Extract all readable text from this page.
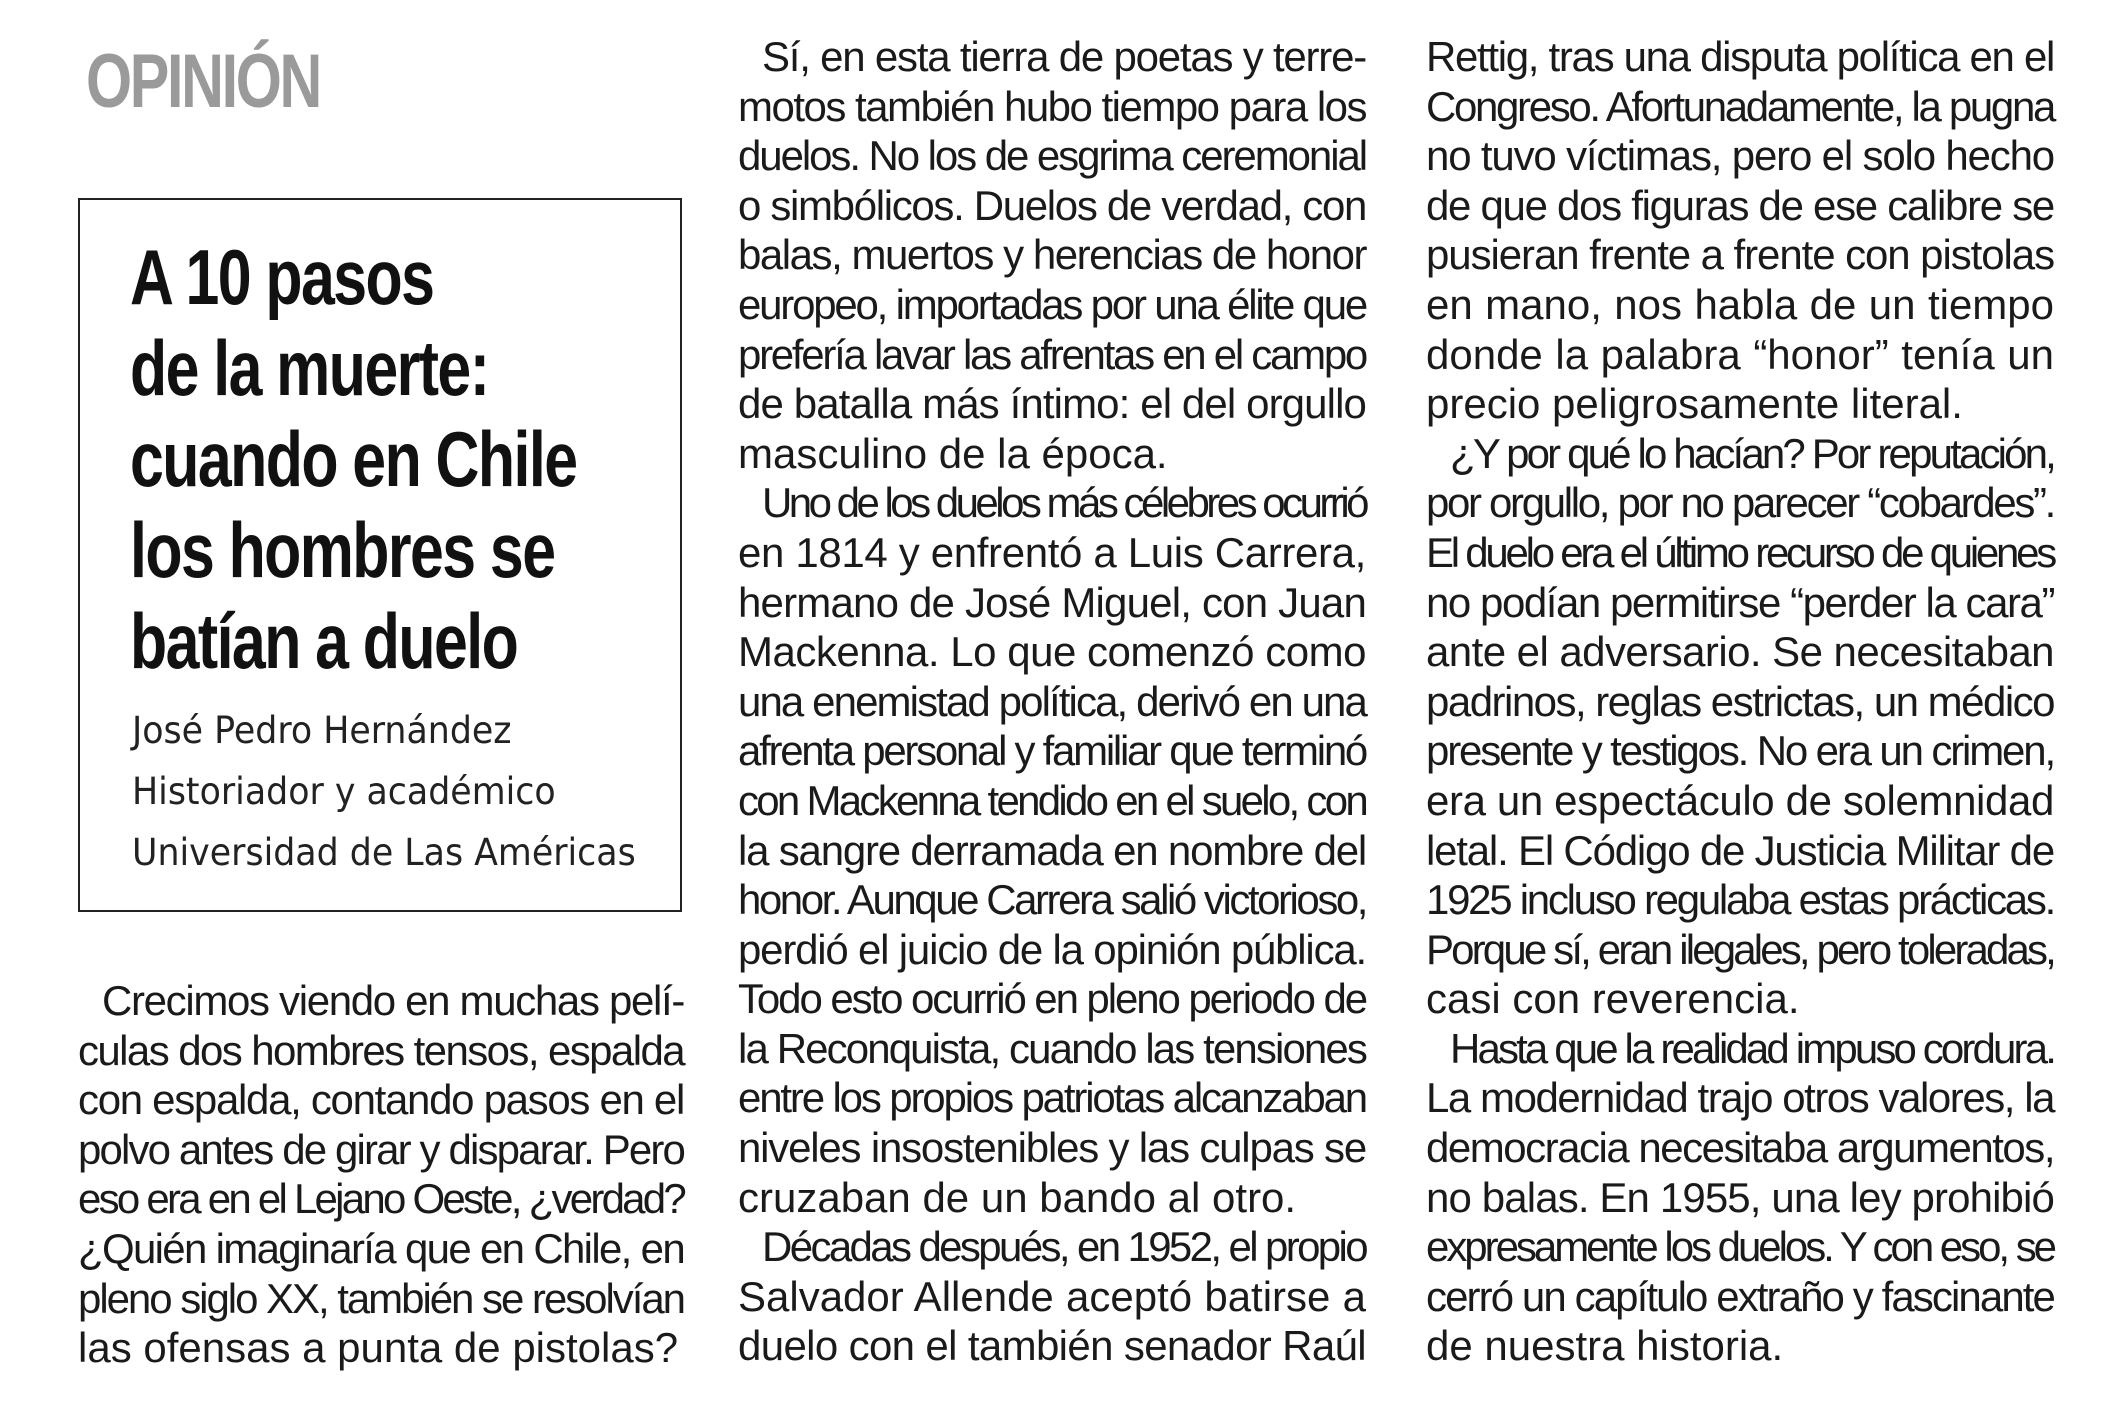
OPINIÓN
A 10 pasos
de la muerte:
cuando en Chile
los hombres se
batían a duelo
José Pedro Hernández
Historiador y académico
Universidad de Las Américas

Crecimos viendo en muchas pelí-
culas dos hombres tensos, espalda
con espalda, contando pasos en el
polvo antes de girar y disparar. Pero
eso era en el Lejano Oeste, ¿verdad?
¿Quién imaginaría que en Chile, en
pleno siglo XX, también se resolvían
las ofensas a punta de pistolas?

Sí, en esta tierra de poetas y terre-
motos también hubo tiempo para los
duelos. No los de esgrima ceremonial
o simbólicos. Duelos de verdad, con
balas, muertos y herencias de honor
europeo, importadas por una élite que
prefería lavar las afrentas en el campo
de batalla más íntimo: el del orgullo
masculino de la época.

Uno de los duelos más célebres ocurrió
en 1814 y enfrentó a Luis Carrera,
hermano de José Miguel, con Juan
Mackenna. Lo que comenzó como
una enemistad política, derivó en una
afrenta personal y familiar que terminó
con Mackenna tendido en el suelo, con
la sangre derramada en nombre del
honor. Aunque Carrera salió victorioso,
perdió el juicio de la opinión pública.
Todo esto ocurrió en pleno periodo de
la Reconquista, cuando las tensiones
entre los propios patriotas alcanzaban
niveles insostenibles y las culpas se
cruzaban de un bando al otro.

Décadas después, en 1952, el propio
Salvador Allende aceptó batirse a
duelo con el también senador Raúl

Rettig, tras una disputa política en el
Congreso. Afortunadamente, la pugna
no tuvo víctimas, pero el solo hecho
de que dos figuras de ese calibre se
pusieran frente a frente con pistolas
en mano, nos habla de un tiempo
donde la palabra “honor” tenía un
precio peligrosamente literal.

¿Y por qué lo hacían? Por reputación,
por orgullo, por no parecer “cobardes”.
El duelo era el último recurso de quienes
no podían permitirse “perder la cara”
ante el adversario. Se necesitaban
padrinos, reglas estrictas, un médico
presente y testigos. No era un crimen,
era un espectáculo de solemnidad
letal. El Código de Justicia Militar de
1925 incluso regulaba estas prácticas.
Porque sí, eran ilegales, pero toleradas,
casi con reverencia.

Hasta que la realidad impuso cordura.
La modernidad trajo otros valores, la
democracia necesitaba argumentos,
no balas. En 1955, una ley prohibió
expresamente los duelos. Y con eso, se
cerró un capítulo extraño y fascinante
de nuestra historia.
